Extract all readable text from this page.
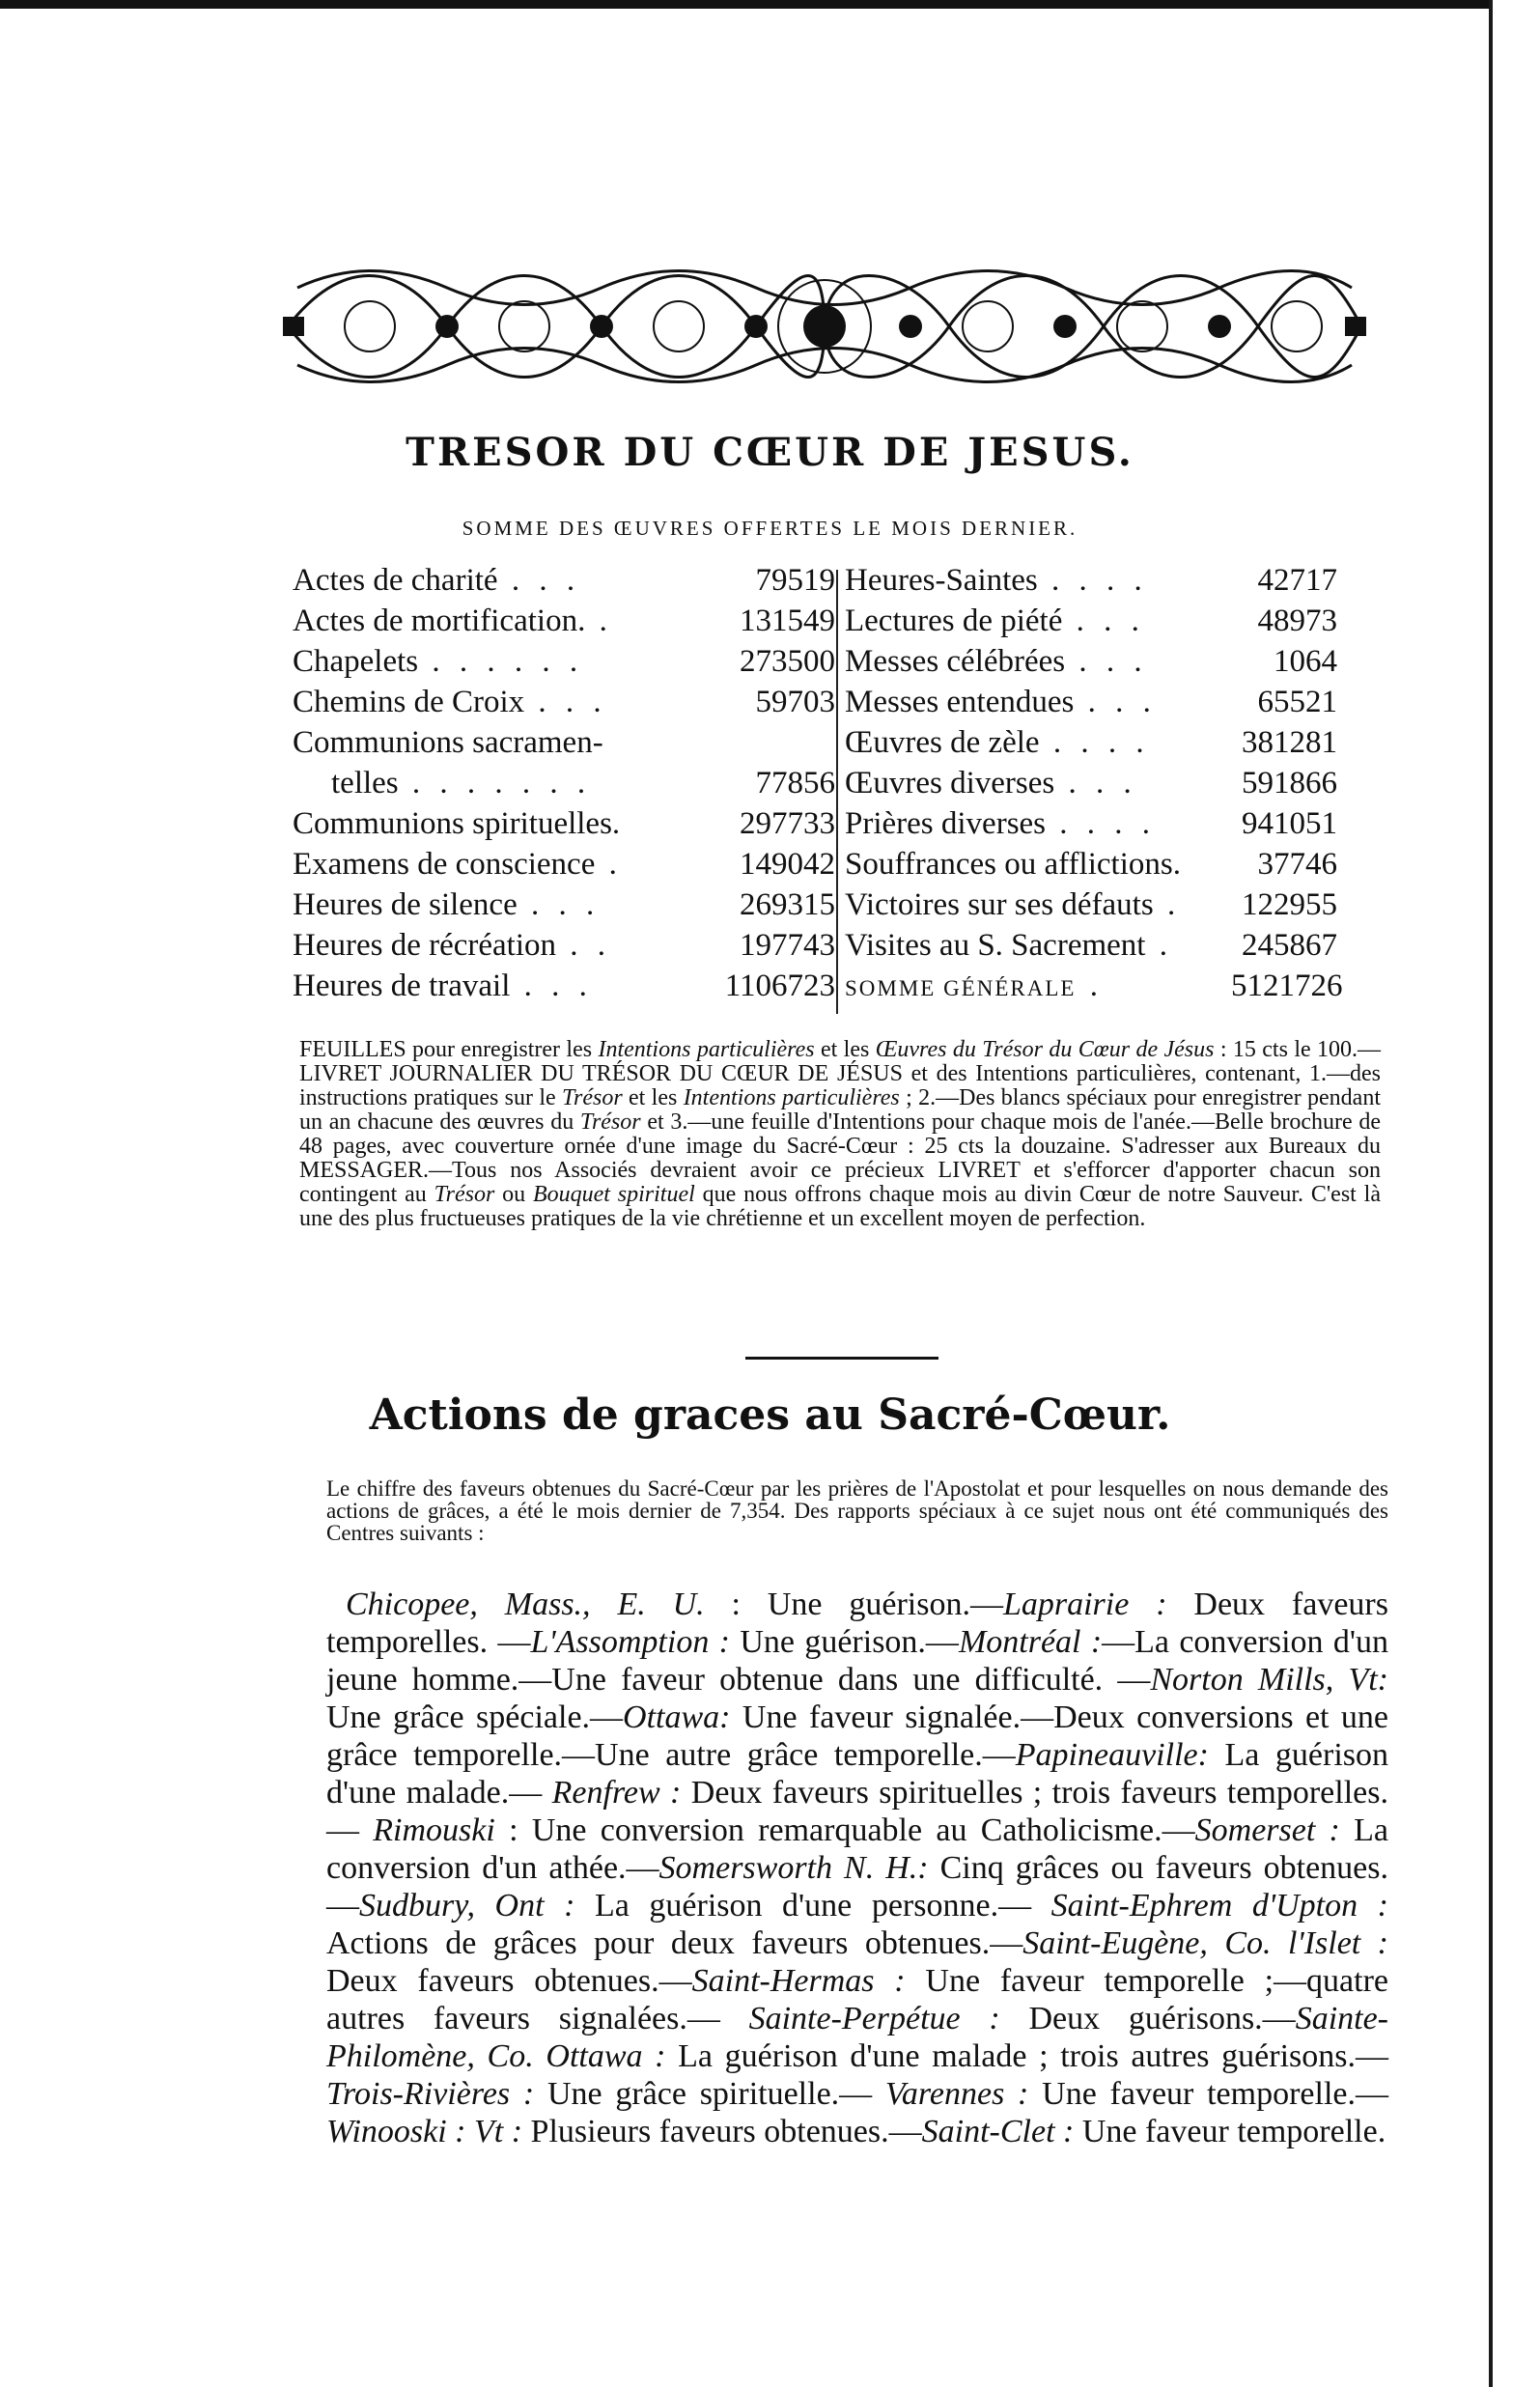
TRESOR DU CŒUR DE JESUS.
SOMME DES ŒUVRES OFFERTES LE MOIS DERNIER.
Actes de charité . . .	79519
Actes de mortification. .	131549
Chapelets . . . . . .	273500
Chemins de Croix . . .	59703
Communions sacramen-
telles . . . . . . .	77856
Communions spirituelles.	297733
Examens de conscience .	149042
Heures de silence . . .	269315
Heures de récréation . .	197743
Heures de travail . . .	1106723
Heures-Saintes . . . .	42717
Lectures de piété . . .	48973
Messes célébrées . . .	1064
Messes entendues . . .	65521
Œuvres de zèle . . . .	381281
Œuvres diverses . . .	591866
Prières diverses . . . .	941051
Souffrances ou afflictions.	37746
Victoires sur ses défauts .	122955
Visites au S. Sacrement .	245867
SOMME GÉNÉRALE .	5121726
FEUILLES pour enregistrer les Intentions particulières et les Œuvres du Trésor du Cœur de Jésus : 15 cts le 100.—LIVRET JOURNALIER DU TRÉSOR DU CŒUR DE JÉSUS et des Intentions particulières, contenant, 1.—des instructions pratiques sur le Trésor et les Intentions particulières ; 2.—Des blancs spéciaux pour enregistrer pendant un an chacune des œuvres du Trésor et 3.—une feuille d'Intentions pour chaque mois de l'anée.—Belle brochure de 48 pages, avec couverture ornée d'une image du Sacré-Cœur : 25 cts la douzaine. S'adresser aux Bureaux du MESSAGER.—Tous nos Associés devraient avoir ce précieux LIVRET et s'efforcer d'apporter chacun son contingent au Trésor ou Bouquet spirituel que nous offrons chaque mois au divin Cœur de notre Sauveur. C'est là une des plus fructueuses pratiques de la vie chrétienne et un excellent moyen de perfection.
Actions de graces au Sacré-Cœur.
Le chiffre des faveurs obtenues du Sacré-Cœur par les prières de l'Apostolat et pour lesquelles on nous demande des actions de grâces, a été le mois dernier de 7,354. Des rapports spéciaux à ce sujet nous ont été communiqués des Centres suivants :
Chicopee, Mass., E. U. : Une guérison.—Laprairie : Deux faveurs temporelles. —L'Assomption : Une guérison.—Montréal :—La conversion d'un jeune homme.—Une faveur obtenue dans une difficulté. —Norton Mills, Vt: Une grâce spéciale.—Ottawa: Une faveur signalée.—Deux conversions et une grâce temporelle.—Une autre grâce temporelle.—Papineauville: La guérison d'une malade.— Renfrew : Deux faveurs spirituelles ; trois faveurs temporelles.— Rimouski : Une conversion remarquable au Catholicisme.—Somerset : La conversion d'un athée.—Somersworth N. H.: Cinq grâces ou faveurs obtenues.—Sudbury, Ont : La guérison d'une personne.— Saint-Ephrem d'Upton : Actions de grâces pour deux faveurs obtenues.—Saint-Eugène, Co. l'Islet : Deux faveurs obtenues.—Saint-Hermas : Une faveur temporelle ;—quatre autres faveurs signalées.— Sainte-Perpétue : Deux guérisons.—Sainte-Philomène, Co. Ottawa : La guérison d'une malade ; trois autres guérisons.— Trois-Rivières : Une grâce spirituelle.— Varennes : Une faveur temporelle.— Winooski : Vt : Plusieurs faveurs obtenues.—Saint-Clet : Une faveur temporelle.
